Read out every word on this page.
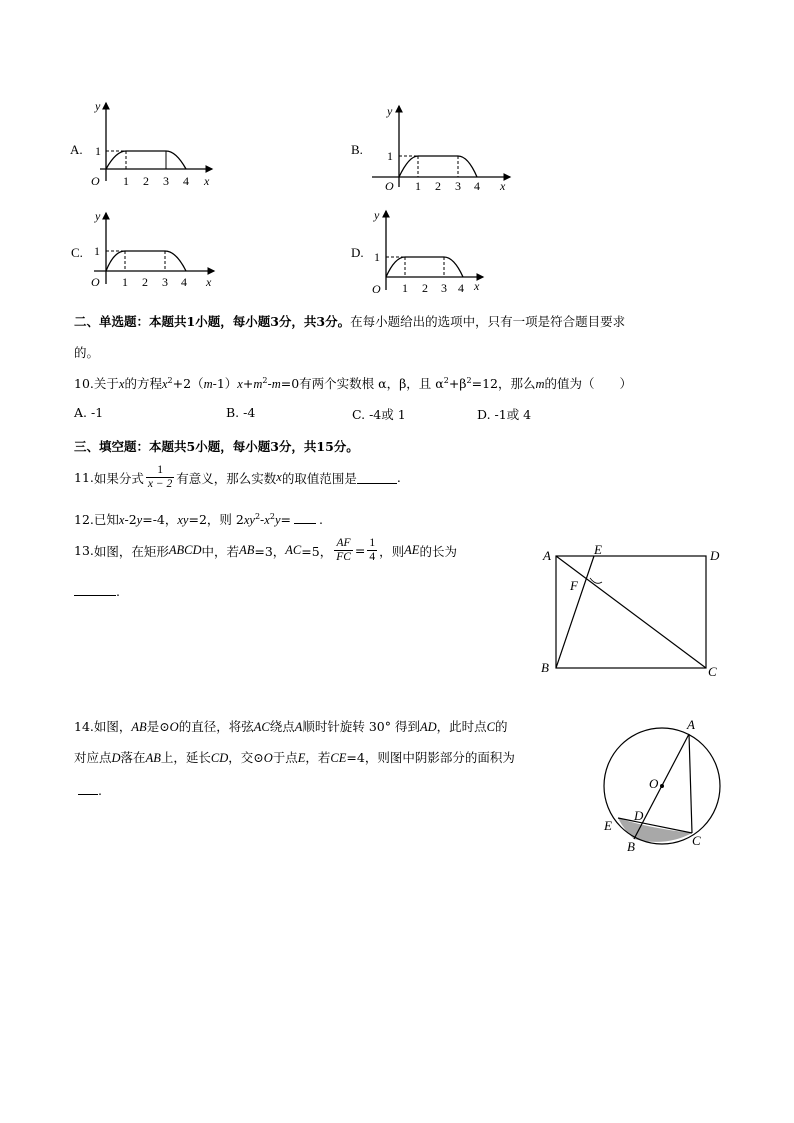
A.
y
x
O
1
1 2 3 4
B.
y
x
O
1
1 2 3 4
C.
y
x
O
1
1 2 3 4
D.
y
x
O
1
1 2 3 4
二、单选题：本题共1小题，每小题3分，共3分。在每小题给出的选项中，只有一项是符合题目要求
的。
10.关于x的方程$x^2+2(m-1)x+m^2-m=0$有两个实数根 α，β，且 $\alpha^2+\beta^2=12$，那么m的值为（　　）
A. -1	B. -4	C. -4或 1	D. -1或 4
三、填空题：本题共5小题，每小题3分，共15分。
11. 如果分式 $\frac{1}{x - 2}$ 有意义，那么实数 x 的取值范围是	.
12.已知x-2y=-4，xy=2，则 $2xy^2-x^2y=$ .
13. 如图，在矩形 ABCD 中，若 AB =3， AC =5， $\frac{AF}{FC} = \frac{1}{4}$ ，则 AE 的长为
.
A	E	D
F
B	C
14.如图，AB是⊙O的直径，将弦AC绕点A顺时针旋转 30° 得到AD，此时点C的
对应点D落在AB上，延长CD，交⊙O于点E，若CE=4，则图中阴影部分的面积为
.
A
O
D
E
B	C
